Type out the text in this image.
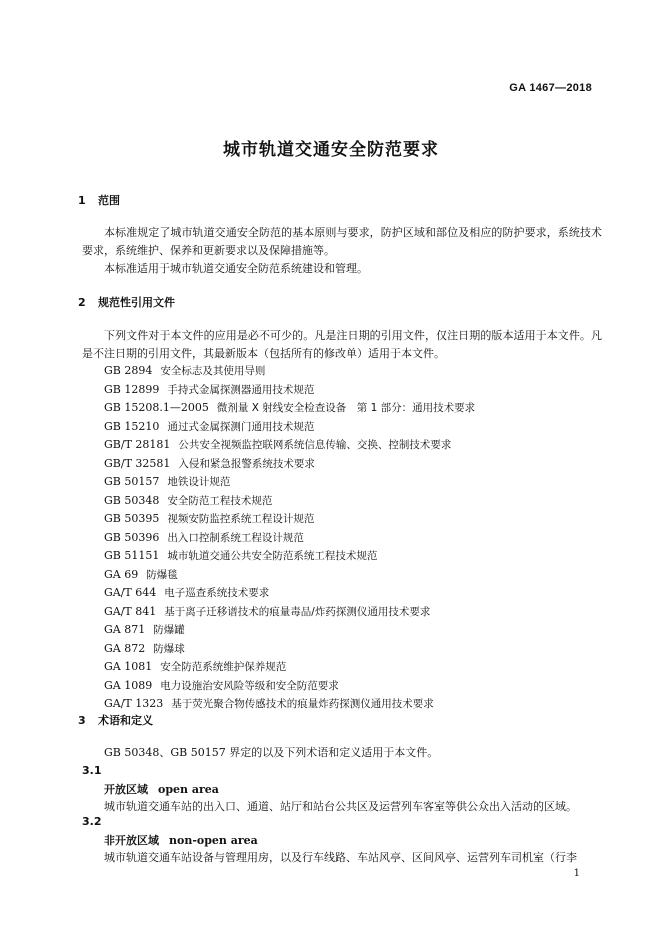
GA 1467—2018
城市轨道交通安全防范要求
1 范围
本标准规定了城市轨道交通安全防范的基本原则与要求，防护区域和部位及相应的防护要求，系统技术要求，系统维护、保养和更新要求以及保障措施等。
本标准适用于城市轨道交通安全防范系统建设和管理。
2 规范性引用文件
下列文件对于本文件的应用是必不可少的。凡是注日期的引用文件，仅注日期的版本适用于本文件。凡是不注日期的引用文件，其最新版本（包括所有的修改单）适用于本文件。
GB 2894 安全标志及其使用导则
GB 12899 手持式金属探测器通用技术规范
GB 15208.1—2005 微剂量 X 射线安全检查设备　第 1 部分：通用技术要求
GB 15210 通过式金属探测门通用技术规范
GB/T 28181 公共安全视频监控联网系统信息传输、交换、控制技术要求
GB/T 32581 入侵和紧急报警系统技术要求
GB 50157 地铁设计规范
GB 50348 安全防范工程技术规范
GB 50395 视频安防监控系统工程设计规范
GB 50396 出入口控制系统工程设计规范
GB 51151 城市轨道交通公共安全防范系统工程技术规范
GA 69 防爆毯
GA/T 644 电子巡查系统技术要求
GA/T 841 基于离子迁移谱技术的痕量毒品/炸药探测仪通用技术要求
GA 871 防爆罐
GA 872 防爆球
GA 1081 安全防范系统维护保养规范
GA 1089 电力设施治安风险等级和安全防范要求
GA/T 1323 基于荧光聚合物传感技术的痕量炸药探测仪通用技术要求
3 术语和定义
GB 50348、GB 50157 界定的以及下列术语和定义适用于本文件。
3.1
开放区域 open area
城市轨道交通车站的出入口、通道、站厅和站台公共区及运营列车客室等供公众出入活动的区域。
3.2
非开放区域 non-open area
城市轨道交通车站设备与管理用房，以及行车线路、车站风亭、区间风亭、运营列车司机室（行李
1
